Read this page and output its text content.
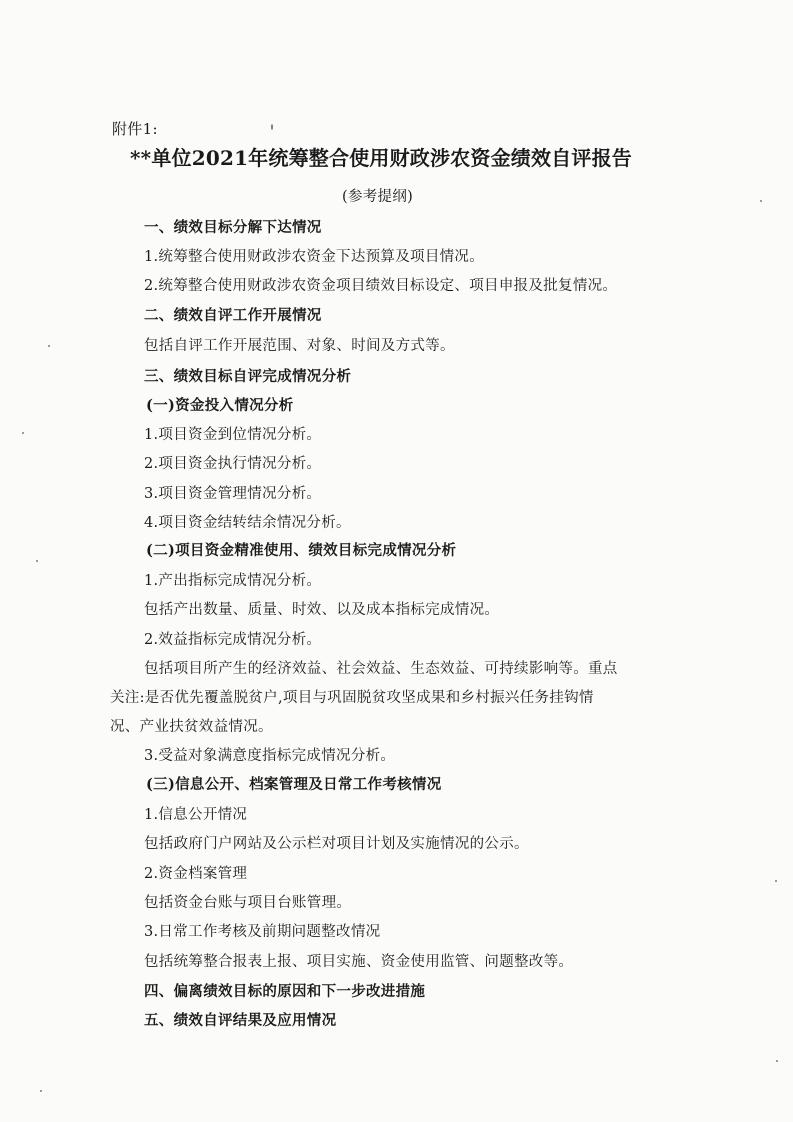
附件1:
**单位2021年统筹整合使用财政涉农资金绩效自评报告
(参考提纲)
一、绩效目标分解下达情况
1.统筹整合使用财政涉农资金下达预算及项目情况。
2.统筹整合使用财政涉农资金项目绩效目标设定、项目申报及批复情况。
二、绩效自评工作开展情况
包括自评工作开展范围、对象、时间及方式等。
三、绩效目标自评完成情况分析
(一)资金投入情况分析
1.项目资金到位情况分析。
2.项目资金执行情况分析。
3.项目资金管理情况分析。
4.项目资金结转结余情况分析。
(二)项目资金精准使用、绩效目标完成情况分析
1.产出指标完成情况分析。
包括产出数量、质量、时效、以及成本指标完成情况。
2.效益指标完成情况分析。
包括项目所产生的经济效益、社会效益、生态效益、可持续影响等。重点
关注:是否优先覆盖脱贫户,项目与巩固脱贫攻坚成果和乡村振兴任务挂钩情
况、产业扶贫效益情况。
3.受益对象满意度指标完成情况分析。
(三)信息公开、档案管理及日常工作考核情况
1.信息公开情况
包括政府门户网站及公示栏对项目计划及实施情况的公示。
2.资金档案管理
包括资金台账与项目台账管理。
3.日常工作考核及前期问题整改情况
包括统筹整合报表上报、项目实施、资金使用监管、问题整改等。
四、偏离绩效目标的原因和下一步改进措施
五、绩效自评结果及应用情况
